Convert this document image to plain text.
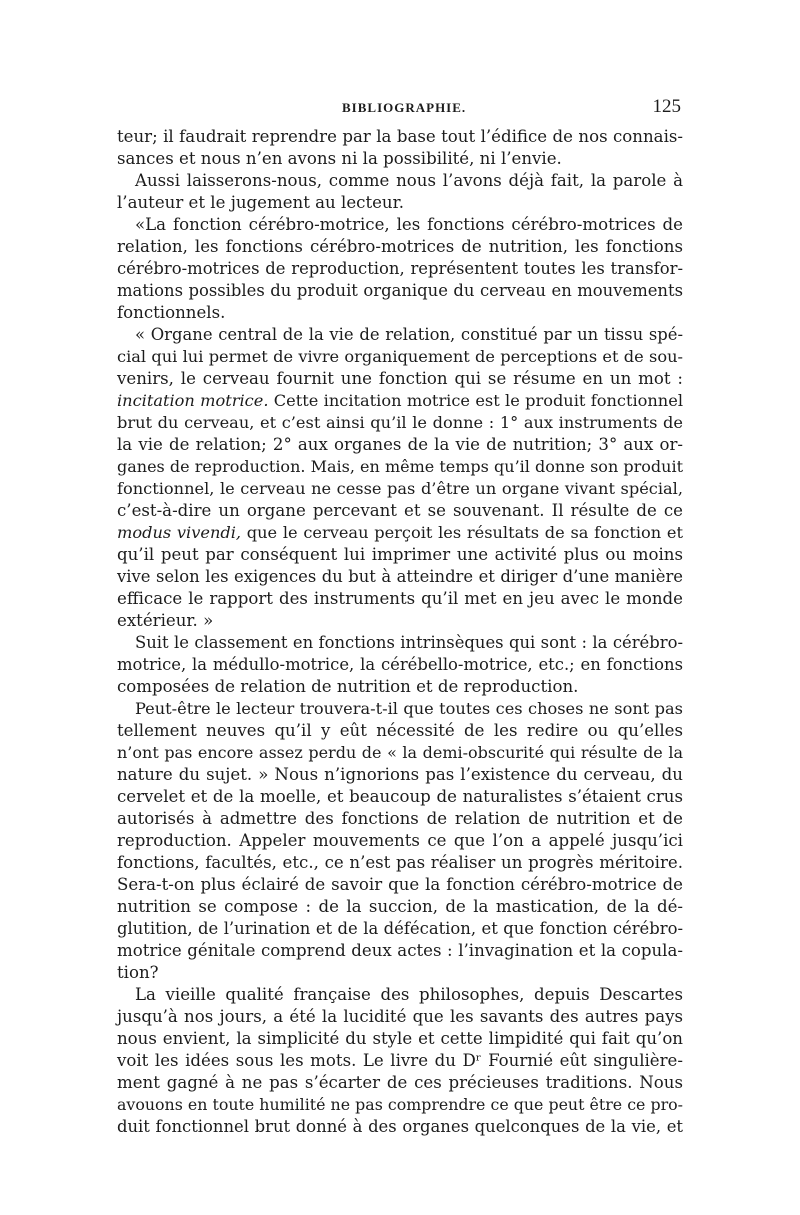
BIBLIOGRAPHIE.	125
teur; il faudrait reprendre par la base tout l’édifice de nos connais-
sances et nous n’en avons ni la possibilité, ni l’envie.
Aussi laisserons-nous, comme nous l’avons déjà fait, la parole à
l’auteur et le jugement au lecteur.
«La fonction cérébro-motrice, les fonctions cérébro-motrices de
relation, les fonctions cérébro-motrices de nutrition, les fonctions
cérébro-motrices de reproduction, représentent toutes les transfor-
mations possibles du produit organique du cerveau en mouvements
fonctionnels.
« Organe central de la vie de relation, constitué par un tissu spé-
cial qui lui permet de vivre organiquement de perceptions et de sou-
venirs, le cerveau fournit une fonction qui se résume en un mot :
incitation motrice. Cette incitation motrice est le produit fonctionnel
brut du cerveau, et c’est ainsi qu’il le donne : 1° aux instruments de
la vie de relation; 2° aux organes de la vie de nutrition; 3° aux or-
ganes de reproduction. Mais, en même temps qu’il donne son produit
fonctionnel, le cerveau ne cesse pas d’être un organe vivant spécial,
c’est-à-dire un organe percevant et se souvenant. Il résulte de ce
modus vivendi, que le cerveau perçoit les résultats de sa fonction et
qu’il peut par conséquent lui imprimer une activité plus ou moins
vive selon les exigences du but à atteindre et diriger d’une manière
efficace le rapport des instruments qu’il met en jeu avec le monde
extérieur. »
Suit le classement en fonctions intrinsèques qui sont : la cérébro-
motrice, la médullo-motrice, la cérébello-motrice, etc.; en fonctions
composées de relation de nutrition et de reproduction.
Peut-être le lecteur trouvera-t-il que toutes ces choses ne sont pas
tellement neuves qu’il y eût nécessité de les redire ou qu’elles
n’ont pas encore assez perdu de « la demi-obscurité qui résulte de la
nature du sujet. » Nous n’ignorions pas l’existence du cerveau, du
cervelet et de la moelle, et beaucoup de naturalistes s’étaient crus
autorisés à admettre des fonctions de relation de nutrition et de
reproduction. Appeler mouvements ce que l’on a appelé jusqu’ici
fonctions, facultés, etc., ce n’est pas réaliser un progrès méritoire.
Sera-t-on plus éclairé de savoir que la fonction cérébro-motrice de
nutrition se compose : de la succion, de la mastication, de la dé-
glutition, de l’urination et de la défécation, et que fonction cérébro-
motrice génitale comprend deux actes : l’invagination et la copula-
tion?
La vieille qualité française des philosophes, depuis Descartes
jusqu’à nos jours, a été la lucidité que les savants des autres pays
nous envient, la simplicité du style et cette limpidité qui fait qu’on
voit les idées sous les mots. Le livre du Dʳ Fournié eût singulière-
ment gagné à ne pas s’écarter de ces précieuses traditions. Nous
avouons en toute humilité ne pas comprendre ce que peut être ce pro-
duit fonctionnel brut donné à des organes quelconques de la vie, et
